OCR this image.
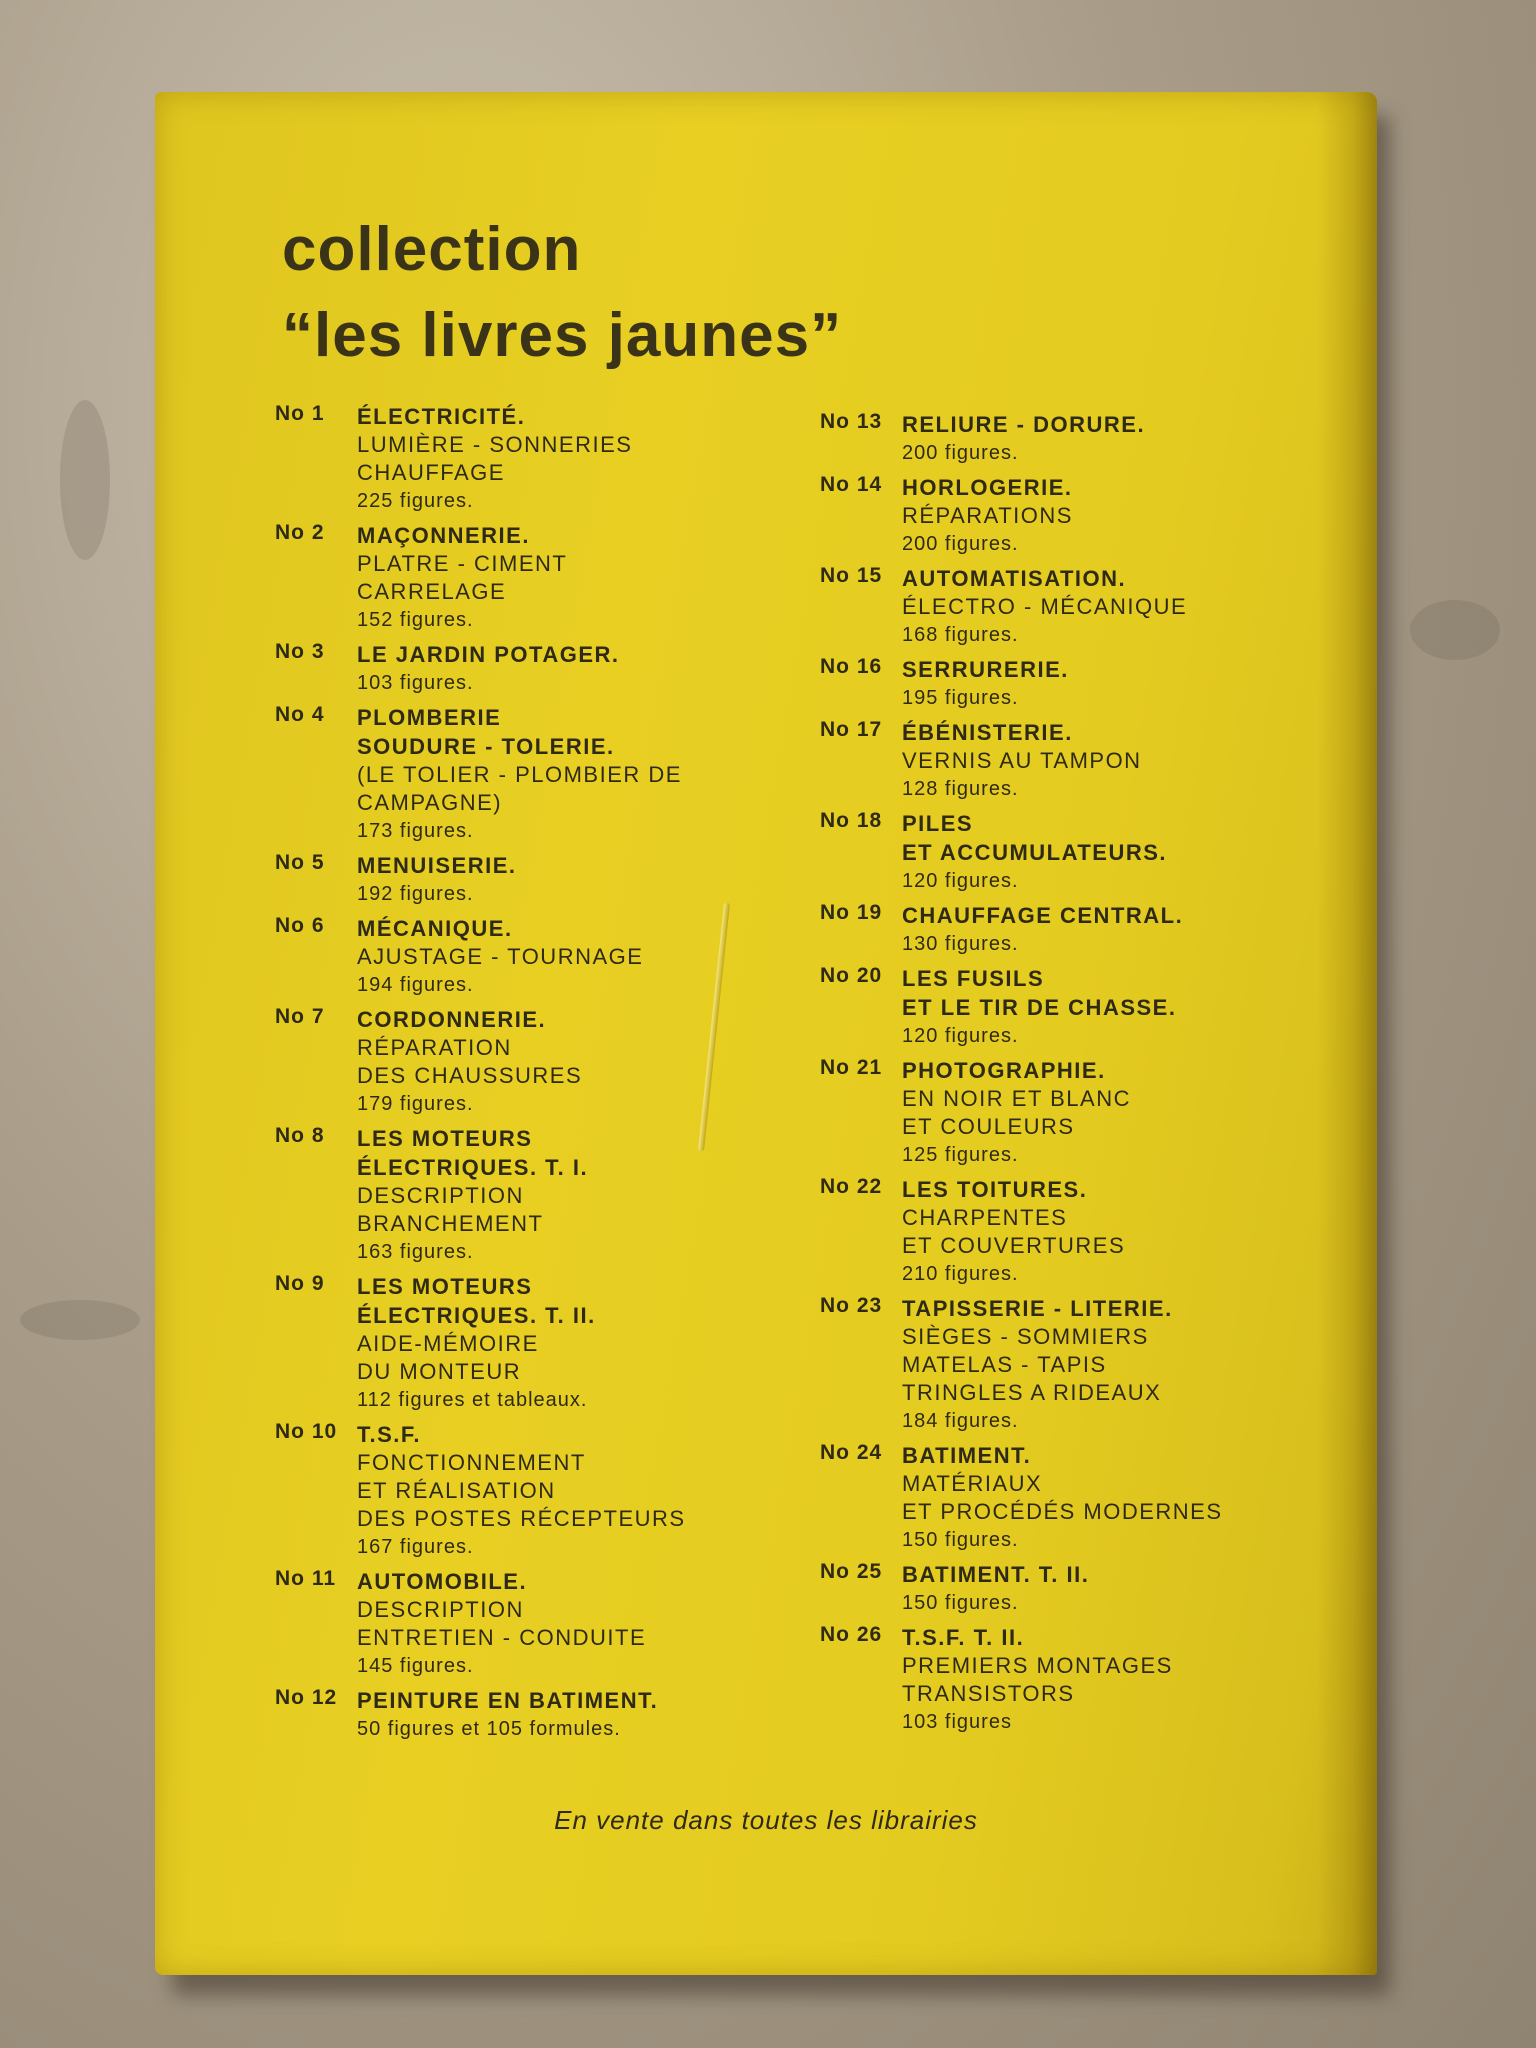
collection
“les livres jaunes”
No 1	ÉLECTRICITÉ.
LUMIÈRE - SONNERIES
CHAUFFAGE
225 figures.
No 2	MAÇONNERIE.
PLATRE - CIMENT
CARRELAGE
152 figures.
No 3	LE JARDIN POTAGER.
103 figures.
No 4	PLOMBERIE
SOUDURE - TOLERIE.
(LE TOLIER - PLOMBIER DE
CAMPAGNE)
173 figures.
No 5	MENUISERIE.
192 figures.
No 6	MÉCANIQUE.
AJUSTAGE - TOURNAGE
194 figures.
No 7	CORDONNERIE.
RÉPARATION
DES CHAUSSURES
179 figures.
No 8	LES MOTEURS
ÉLECTRIQUES. T. I.
DESCRIPTION
BRANCHEMENT
163 figures.
No 9	LES MOTEURS
ÉLECTRIQUES. T. II.
AIDE-MÉMOIRE
DU MONTEUR
112 figures et tableaux.
No 10 T.S.F.
FONCTIONNEMENT
ET RÉALISATION
DES POSTES RÉCEPTEURS
167 figures.
No 11 AUTOMOBILE.
DESCRIPTION
ENTRETIEN - CONDUITE
145 figures.
No 12 PEINTURE EN BATIMENT.
50 figures et 105 formules.
No 13 RELIURE - DORURE.
200 figures.
No 14 HORLOGERIE.
RÉPARATIONS
200 figures.
No 15 AUTOMATISATION.
ÉLECTRO - MÉCANIQUE
168 figures.
No 16 SERRURERIE.
195 figures.
No 17 ÉBÉNISTERIE.
VERNIS AU TAMPON
128 figures.
No 18 PILES
ET ACCUMULATEURS.
120 figures.
No 19 CHAUFFAGE CENTRAL.
130 figures.
No 20 LES FUSILS
ET LE TIR DE CHASSE.
120 figures.
No 21 PHOTOGRAPHIE.
EN NOIR ET BLANC
ET COULEURS
125 figures.
No 22 LES TOITURES.
CHARPENTES
ET COUVERTURES
210 figures.
No 23 TAPISSERIE - LITERIE.
SIÈGES - SOMMIERS
MATELAS - TAPIS
TRINGLES A RIDEAUX
184 figures.
No 24 BATIMENT.
MATÉRIAUX
ET PROCÉDÉS MODERNES
150 figures.
No 25 BATIMENT. T. II.
150 figures.
No 26 T.S.F. T. II.
PREMIERS MONTAGES
TRANSISTORS
103 figures
En vente dans toutes les librairies
